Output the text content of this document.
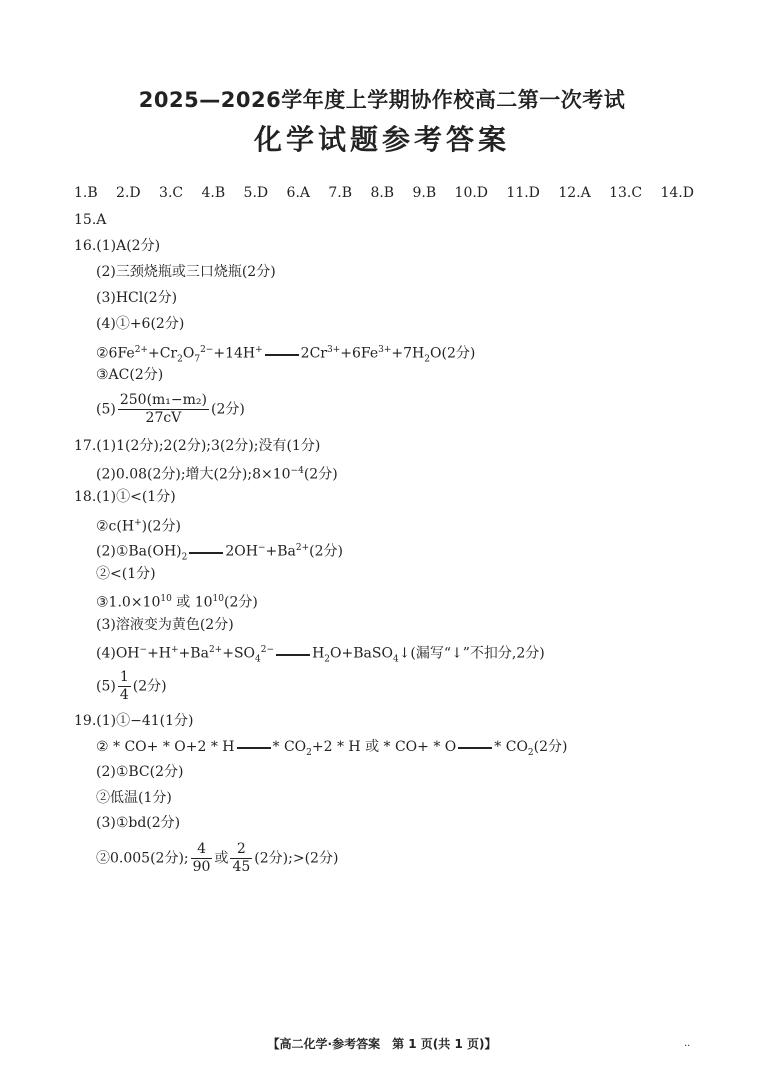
2025—2026学年度上学期协作校高二第一次考试
化学试题参考答案
1.B 2.D 3.C 4.B 5.D 6.A 7.B 8.B 9.B 10.D 11.D 12.A 13.C 14.D
15.A
16.(1)A(2分)
(2)三颈烧瓶或三口烧瓶(2分)
(3)HCl(2分)
(4)①+6(2分)
$②6Fe^{2+}+Cr_2O_7^{2-}+14H^+$	$2Cr^{3+}+6Fe^{3+}+7H_2O(2$分)
③AC(2分)
$(5) \frac{\text{250(m₁−m₂)}}{27cV} (2$分)
17.(1)1(2分);2(2分);3(2分);没有(1分)
(2)0.08(2分);增大(2分)$;8\times 10^{-4}(2$分)
18.(1)①<(1分)
②c(H+)(2分)
$(2)①Ba(OH)_2$	$2OH^-+Ba^{2+}(2$分)
②<(1分)
$③1.0\times 10^{10}$ 或 $10^{10}(2$分)
(3)溶液变为黄色(2分)
$(4)OH^-+H^++Ba^{2+}+SO_4^{2-}$	$H_2O+BaSO_4↓$(漏写“↓”不扣分,2分)
$(5) \frac{1}{4} (2$分)
19.(1)①−41(1分)
② * CO+ * O+2 * H	* $CO_2+2 * H$ 或 * CO+ * O	* $CO_2(2$分)
(2)①BC(2分)
②低温(1分)
(3)①bd(2分)
②0.005(2分); $\frac{4}{90}$ 或 $\frac{2}{45} (2$分);>(2分)
【高二化学·参考答案　第 1 页(共 1 页)】	..
